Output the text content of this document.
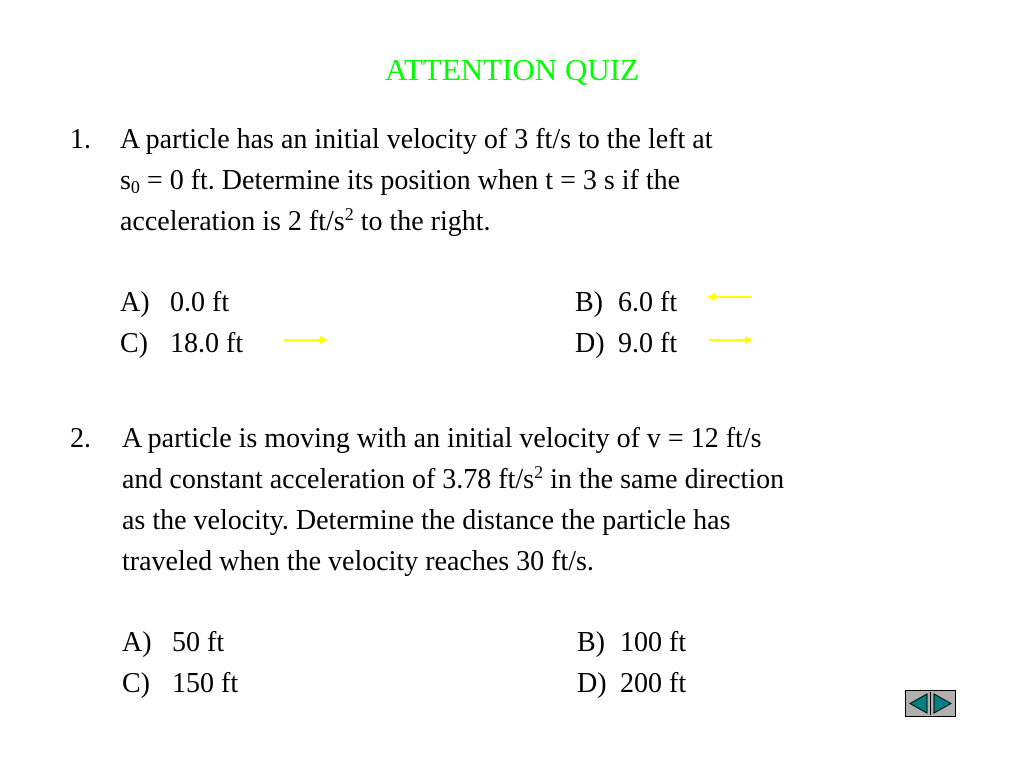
ATTENTION QUIZ
1. A particle has an initial velocity of 3 ft/s to the left at
$s_0 = 0$ ft. Determine its position when t = 3 s if the
acceleration is 2 $ft/s^2$ to the right.
A) 0.0 ft	B) 6.0 ft
C) 18.0 ft	D) 9.0 ft
2. A particle is moving with an initial velocity of v = 12 ft/s
and constant acceleration of 3.78 $ft/s^2$ in the same direction
as the velocity. Determine the distance the particle has
traveled when the velocity reaches 30 ft/s.
A) 50 ft	B) 100 ft
C) 150 ft	D) 200 ft
